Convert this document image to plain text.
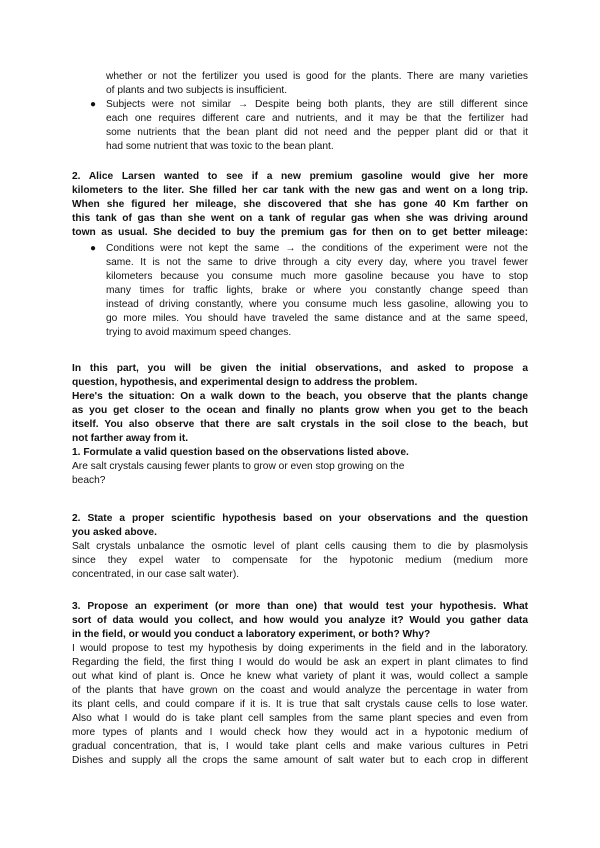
whether or not the fertilizer you used is good for the plants. There are many varieties
of plants and two subjects is insufficient.
● Subjects were not similar → Despite being both plants, they are still different since
each one requires different care and nutrients, and it may be that the fertilizer had
some nutrients that the bean plant did not need and the pepper plant did or that it
had some nutrient that was toxic to the bean plant.
2. Alice Larsen wanted to see if a new premium gasoline would give her more
kilometers to the liter. She filled her car tank with the new gas and went on a long trip.
When she figured her mileage, she discovered that she has gone 40 Km farther on
this tank of gas than she went on a tank of regular gas when she was driving around
town as usual. She decided to buy the premium gas for then on to get better mileage:
● Conditions were not kept the same → the conditions of the experiment were not the
same. It is not the same to drive through a city every day, where you travel fewer
kilometers because you consume much more gasoline because you have to stop
many times for traffic lights, brake or where you constantly change speed than
instead of driving constantly, where you consume much less gasoline, allowing you to
go more miles. You should have traveled the same distance and at the same speed,
trying to avoid maximum speed changes.
In this part, you will be given the initial observations, and asked to propose a
question, hypothesis, and experimental design to address the problem.
Here's the situation: On a walk down to the beach, you observe that the plants change
as you get closer to the ocean and finally no plants grow when you get to the beach
itself. You also observe that there are salt crystals in the soil close to the beach, but
not farther away from it.
1. Formulate a valid question based on the observations listed above.
Are salt crystals causing fewer plants to grow or even stop growing on the
beach?
2. State a proper scientific hypothesis based on your observations and the question
you asked above.
Salt crystals unbalance the osmotic level of plant cells causing them to die by plasmolysis
since they expel water to compensate for the hypotonic medium (medium more
concentrated, in our case salt water).
3. Propose an experiment (or more than one) that would test your hypothesis. What
sort of data would you collect, and how would you analyze it? Would you gather data
in the field, or would you conduct a laboratory experiment, or both? Why?
I would propose to test my hypothesis by doing experiments in the field and in the laboratory.
Regarding the field, the first thing I would do would be ask an expert in plant climates to find
out what kind of plant is. Once he knew what variety of plant it was, would collect a sample
of the plants that have grown on the coast and would analyze the percentage in water from
its plant cells, and could compare if it is. It is true that salt crystals cause cells to lose water.
Also what I would do is take plant cell samples from the same plant species and even from
more types of plants and I would check how they would act in a hypotonic medium of
gradual concentration, that is, I would take plant cells and make various cultures in Petri
Dishes and supply all the crops the same amount of salt water but to each crop in different
